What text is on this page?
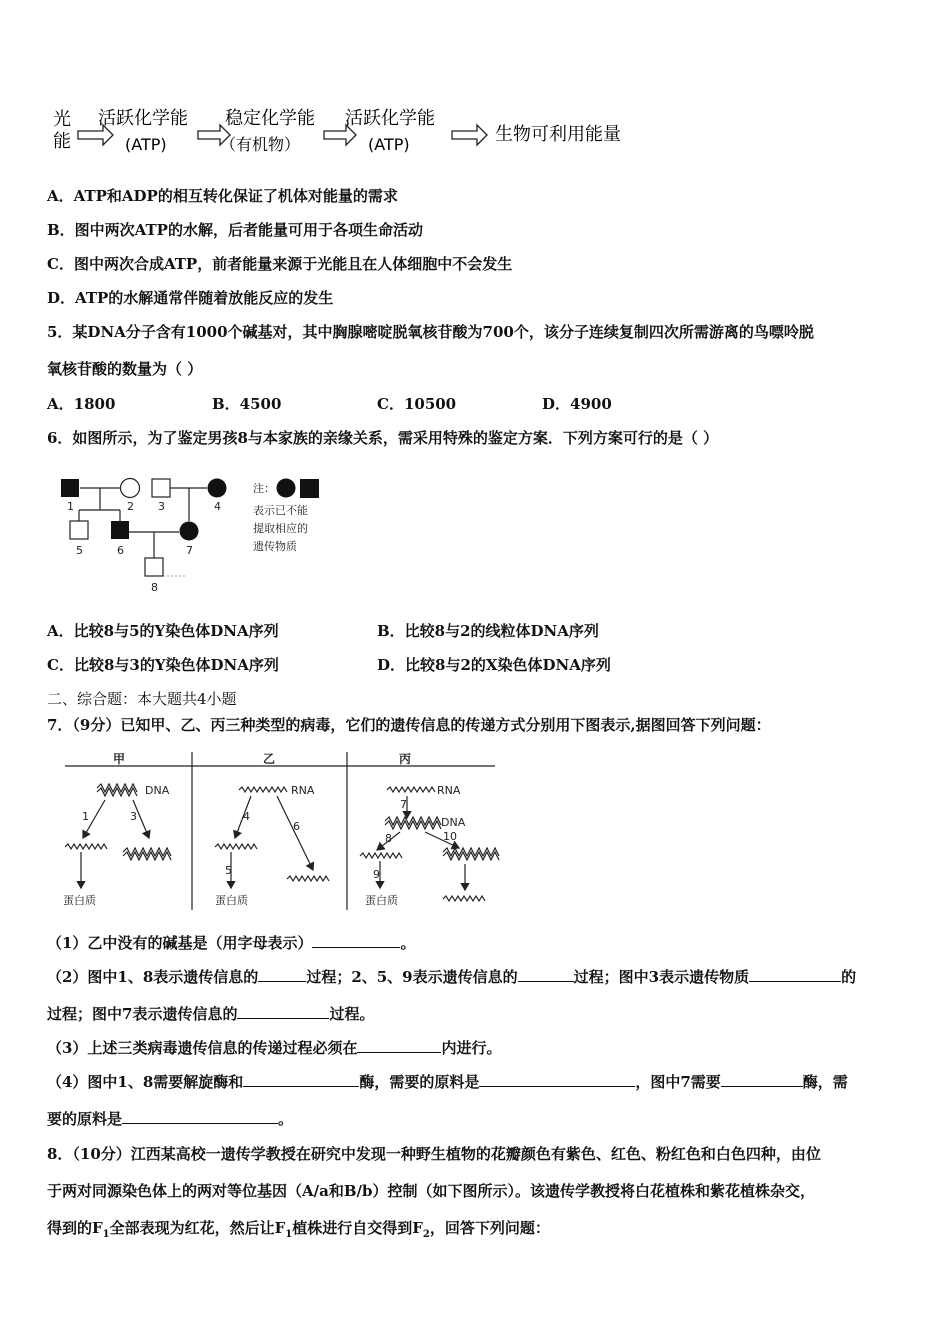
光
能
活跃化学能
(ATP)
稳定化学能
（有机物）
活跃化学能
(ATP)	生物可利用能量
A．ATP和ADP的相互转化保证了机体对能量的需求
B．图中两次ATP的水解，后者能量可用于各项生命活动
C．图中两次合成ATP，前者能量来源于光能且在人体细胞中不会发生
D．ATP的水解通常伴随着放能反应的发生
5．某DNA分子含有1000个碱基对，其中胸腺嘧啶脱氧核苷酸为700个，该分子连续复制四次所需游离的鸟嘌呤脱
氧核苷酸的数量为（ ）
A．1800	B．4500	C．10500	D．4900
6．如图所示，为了鉴定男孩8与本家族的亲缘关系，需采用特殊的鉴定方案．下列方案可行的是（ ）
1	2 3	4
5	6	7
8
注：
表示已不能
提取相应的
遗传物质
A．比较8与5的Y染色体DNA序列	B．比较8与2的线粒体DNA序列
C．比较8与3的Y染色体DNA序列	D．比较8与2的X染色体DNA序列
二、综合题：本大题共4小题
7．（9分）已知甲、乙、丙三种类型的病毒，它们的遗传信息的传递方式分别用下图表示,据图回答下列问题：
甲	乙	丙
DNA
1	3
蛋白质
RNA
4
6
5
蛋白质
RNA
7
DNA
8	10
9
蛋白质
（1）乙中没有的碱基是（用字母表示）	。
（2）图中1、8表示遗传信息的	过程；2、5、9表示遗传信息的	过程；图中3表示遗传物质	的
过程；图中7表示遗传信息的	过程。
（3）上述三类病毒遗传信息的传递过程必须在	内进行。
（4）图中1、8需要解旋酶和	酶，需要的原料是	，图中7需要	酶，需
要的原料是	。
8．（10分）江西某高校一遗传学教授在研究中发现一种野生植物的花瓣颜色有紫色、红色、粉红色和白色四种，由位
于两对同源染色体上的两对等位基因（A/a和B/b）控制（如下图所示）。该遗传学教授将白花植株和紫花植株杂交，
得到的$F_1$全部表现为红花，然后让$F_1$植株进行自交得到$F_2$，回答下列问题：
